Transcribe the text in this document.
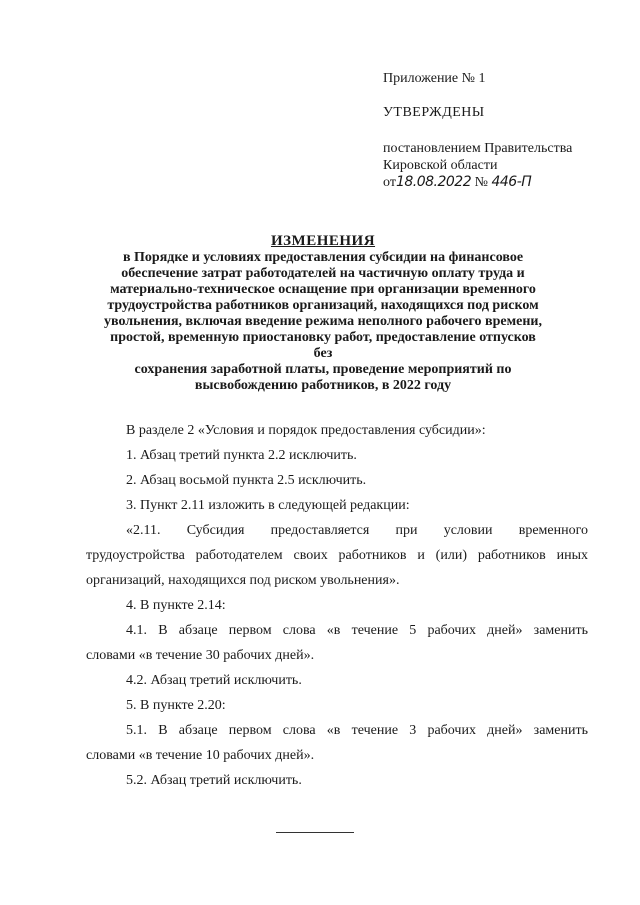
Приложение № 1

УТВЕРЖДЕНЫ

постановлением Правительства

Кировской области

от18.08.2022 № 446-П

ИЗМЕНЕНИЯ
в Порядке и условиях предоставления субсидии на финансовое
обеспечение затрат работодателей на частичную оплату труда и
материально-техническое оснащение при организации временного
трудоустройства работников организаций, находящихся под риском
увольнения, включая введение режима неполного рабочего времени,
простой, временную приостановку работ, предоставление отпусков без
сохранения заработной платы, проведение мероприятий по
высвобождению работников, в 2022 году

В разделе 2 «Условия и порядок предоставления субсидии»:

1. Абзац третий пункта 2.2 исключить.

2. Абзац восьмой пункта 2.5 исключить.

3. Пункт 2.11 изложить в следующей редакции:

«2.11. Субсидия предоставляется при условии временного

трудоустройства работодателем своих работников и (или) работников иных организаций, находящихся под риском увольнения».

4. В пункте 2.14:

4.1. В абзаце первом слова «в течение 5 рабочих дней» заменить

словами «в течение 30 рабочих дней».

4.2. Абзац третий исключить.

5. В пункте 2.20:

5.1. В абзаце первом слова «в течение 3 рабочих дней» заменить

словами «в течение 10 рабочих дней».

5.2. Абзац третий исключить.
